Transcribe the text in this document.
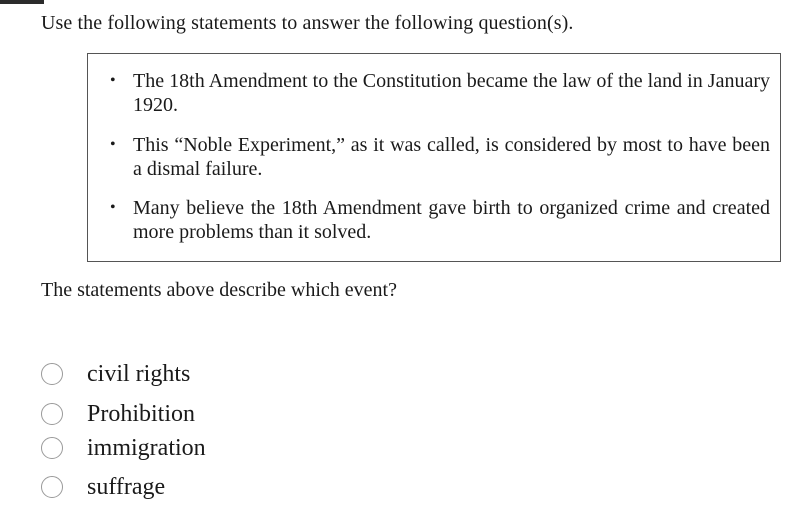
Use the following statements to answer the following question(s).
• The 18th Amendment to the Constitution became the law of the land in January 1920.
• This “Noble Experiment,” as it was called, is considered by most to have been a dismal failure.
• Many believe the 18th Amendment gave birth to organized crime and created more problems than it solved.
The statements above describe which event?
civil rights
Prohibition
immigration
suffrage
